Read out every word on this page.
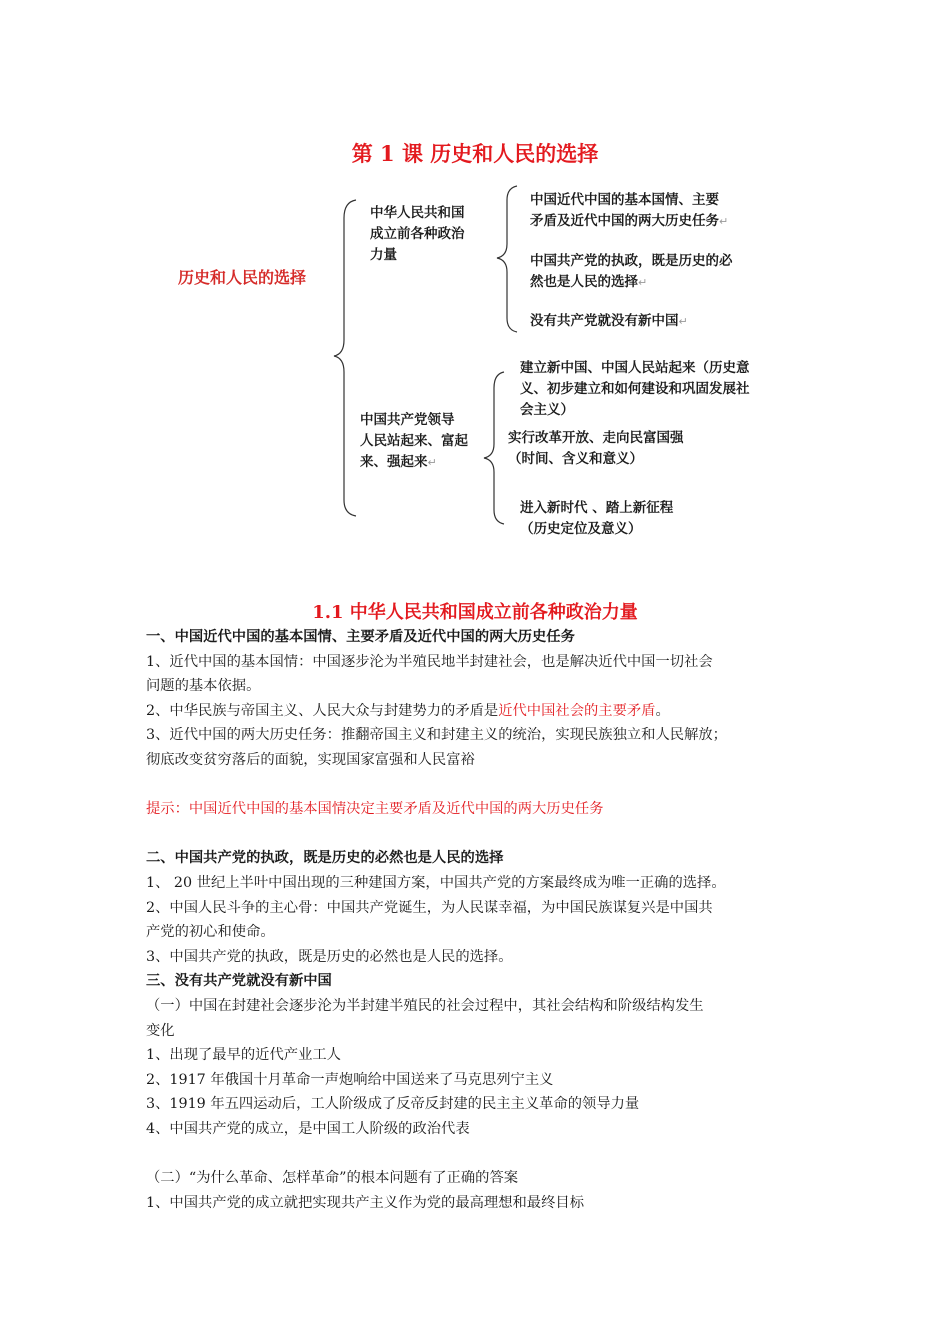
第 1 课 历史和人民的选择
历史和人民的选择
中华人民共和国
成立前各种政治
力量
中国近代中国的基本国情、主要
矛盾及近代中国的两大历史任务↵
中国共产党的执政，既是历史的必
然也是人民的选择↵
没有共产党就没有新中国↵
中国共产党领导
人民站起来、富起
来、强起来↵
建立新中国、中国人民站起来（历史意
义、初步建立和如何建设和巩固发展社
会主义）
实行改革开放、走向民富国强
（时间、含义和意义）
进入新时代 、踏上新征程
（历史定位及意义）
1.1 中华人民共和国成立前各种政治力量

一、中国近代中国的基本国情、主要矛盾及近代中国的两大历史任务

1、近代中国的基本国情：中国逐步沦为半殖民地半封建社会，也是解决近代中国一切社会

问题的基本依据。

2、中华民族与帝国主义、人民大众与封建势力的矛盾是近代中国社会的主要矛盾。

3、近代中国的两大历史任务：推翻帝国主义和封建主义的统治，实现民族独立和人民解放；

彻底改变贫穷落后的面貌，实现国家富强和人民富裕

提示：中国近代中国的基本国情决定主要矛盾及近代中国的两大历史任务

二、中国共产党的执政，既是历史的必然也是人民的选择

1、 20 世纪上半叶中国出现的三种建国方案，中国共产党的方案最终成为唯一正确的选择。

2、中国人民斗争的主心骨：中国共产党诞生，为人民谋幸福，为中国民族谋复兴是中国共

产党的初心和使命。

3、中国共产党的执政，既是历史的必然也是人民的选择。

三、没有共产党就没有新中国

（一）中国在封建社会逐步沦为半封建半殖民的社会过程中，其社会结构和阶级结构发生

变化

1、出现了最早的近代产业工人

2、1917 年俄国十月革命一声炮响给中国送来了马克思列宁主义

3、1919 年五四运动后，工人阶级成了反帝反封建的民主主义革命的领导力量

4、中国共产党的成立，是中国工人阶级的政治代表

（二）“为什么革命、怎样革命”的根本问题有了正确的答案

1、中国共产党的成立就把实现共产主义作为党的最高理想和最终目标
